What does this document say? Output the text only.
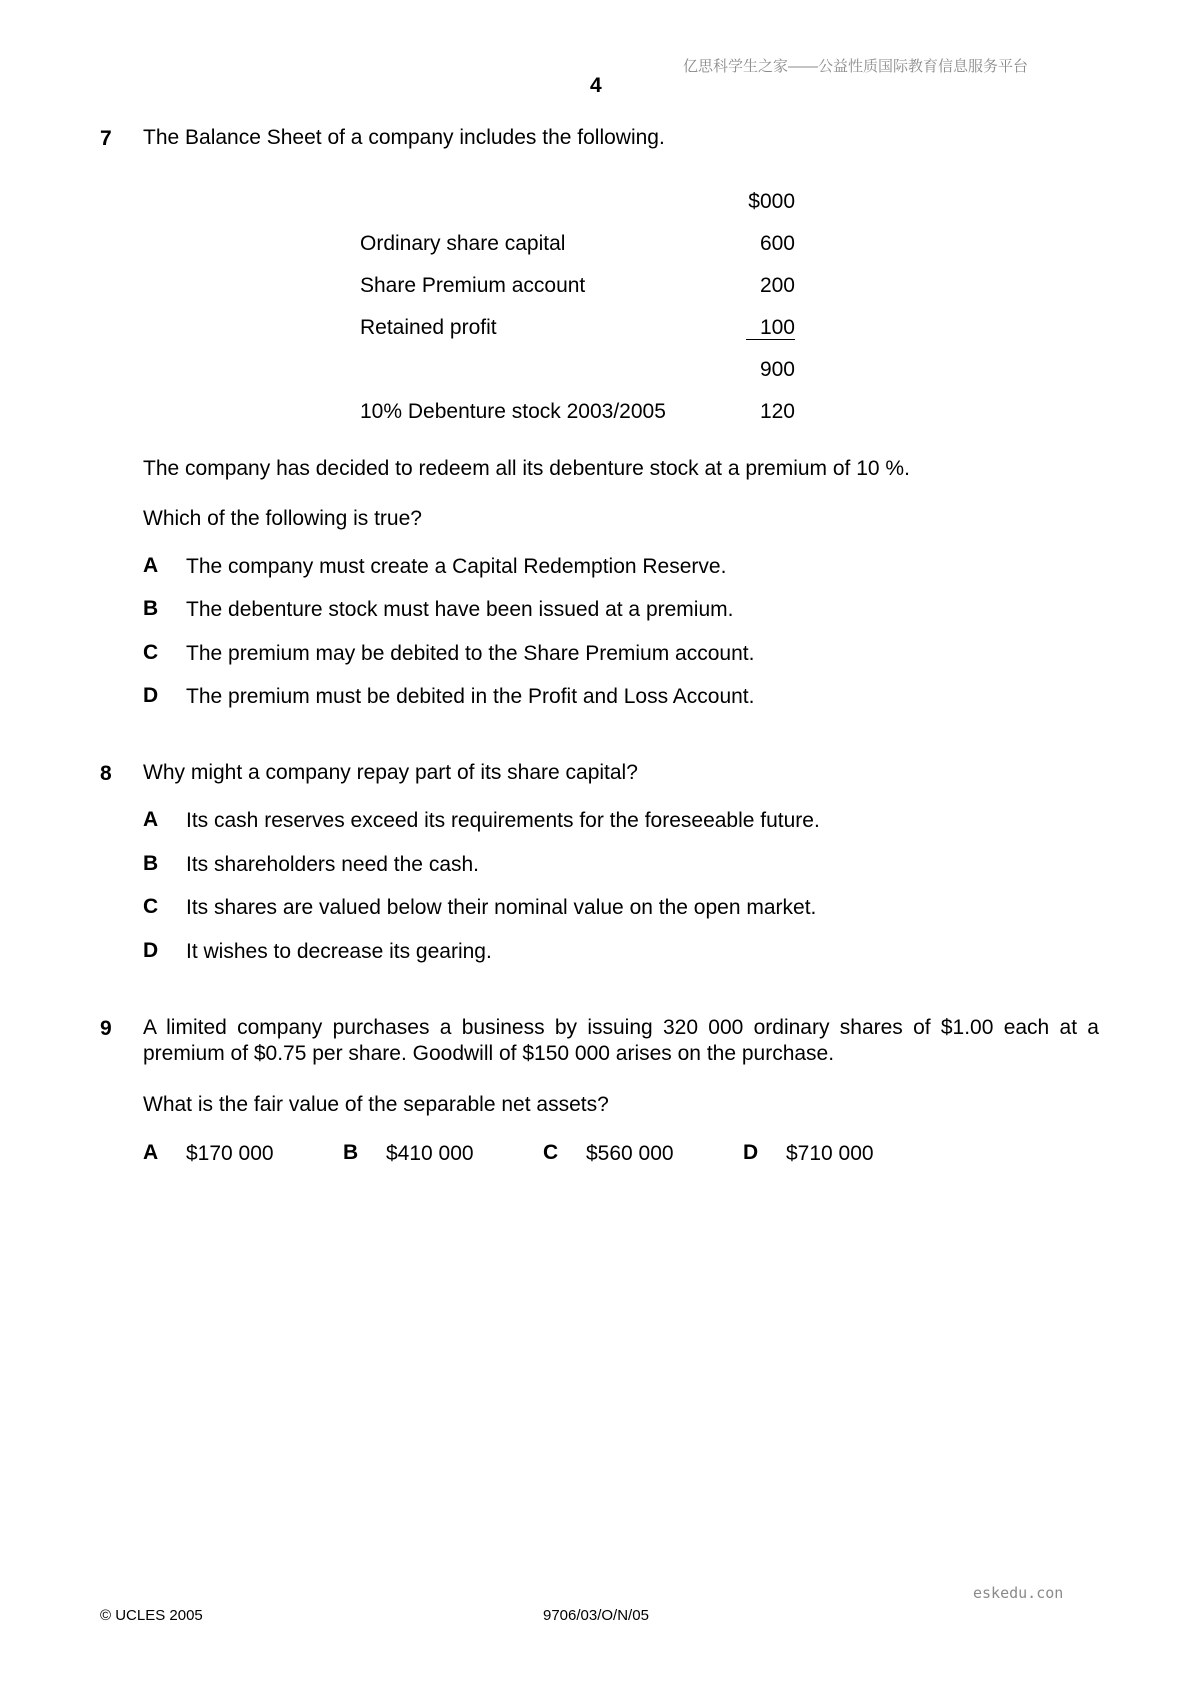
亿思科学生之家——公益性质国际教育信息服务平台
4
7 The Balance Sheet of a company includes the following.
$000
Ordinary share capital	600
Share Premium account	200
Retained profit	100
900
10% Debenture stock 2003/2005	120
The company has decided to redeem all its debenture stock at a premium of 10 %.
Which of the following is true?
A The company must create a Capital Redemption Reserve.
B The debenture stock must have been issued at a premium.
C The premium may be debited to the Share Premium account.
D The premium must be debited in the Profit and Loss Account.
8 Why might a company repay part of its share capital?
A Its cash reserves exceed its requirements for the foreseeable future.
B Its shareholders need the cash.
C Its shares are valued below their nominal value on the open market.
D It wishes to decrease its gearing.
9 A limited company purchases a business by issuing 320 000 ordinary shares of $1.00 each at a premium of $0.75 per share. Goodwill of $150 000 arises on the purchase.
What is the fair value of the separable net assets?
A $170 000	B $410 000	C $560 000	D $710 000
eskedu.con
© UCLES 2005	9706/03/O/N/05
